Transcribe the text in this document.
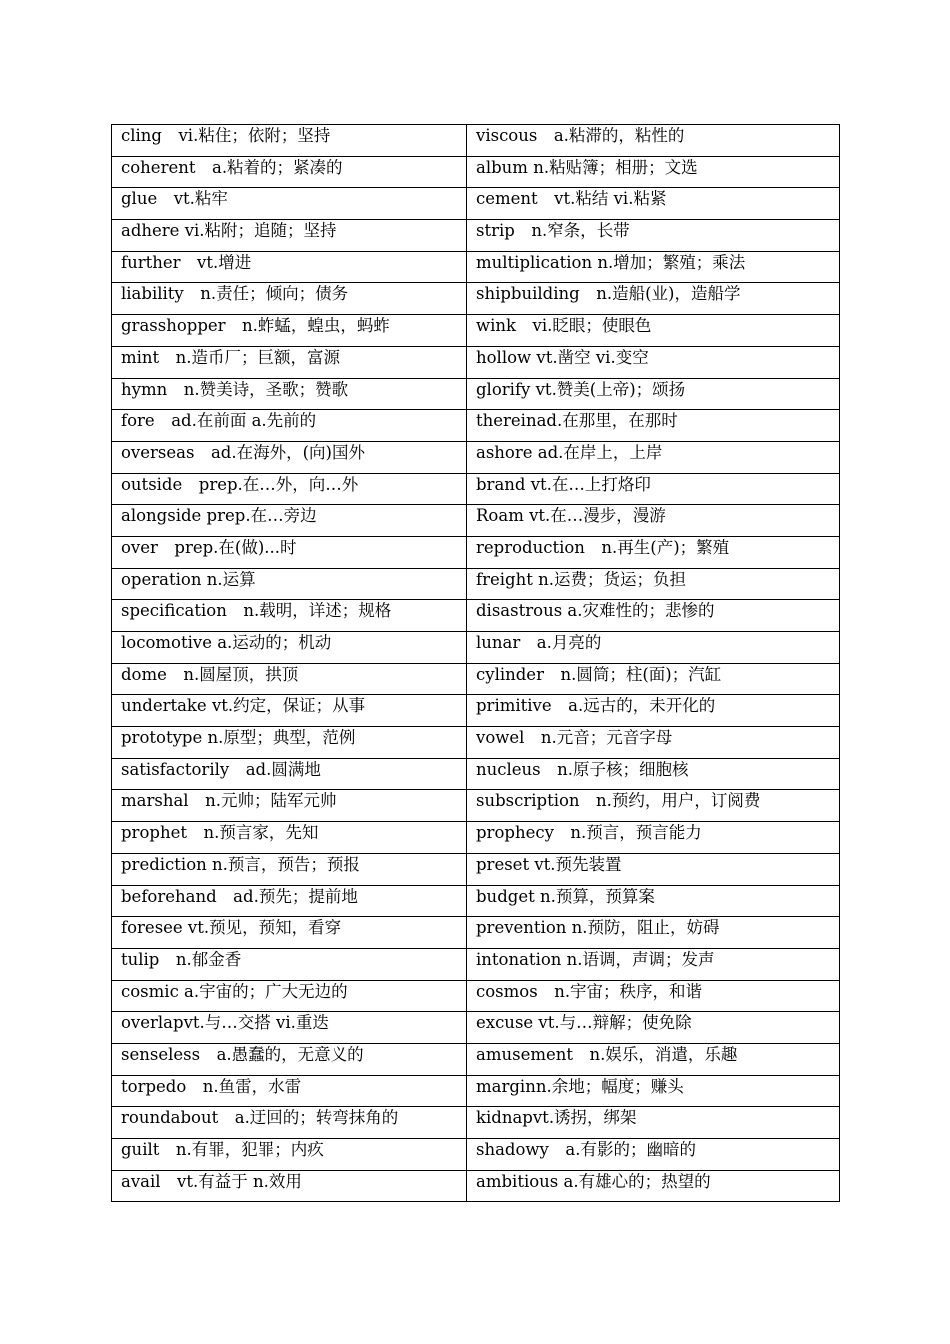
cling　vi.粘住；依附；坚持	viscous　a.粘滞的，粘性的
coherent　a.粘着的；紧凑的	album n.粘贴簿；相册；文选
glue　vt.粘牢	cement　vt.粘结 vi.粘紧
adhere vi.粘附；追随；坚持	strip　n.窄条，长带
further　vt.增进	multiplication n.增加；繁殖；乘法
liability　n.责任；倾向；债务	shipbuilding　n.造船(业)，造船学
grasshopper　n.蚱蜢，蝗虫，蚂蚱	wink　vi.眨眼；使眼色
mint　n.造币厂；巨额，富源	hollow vt.凿空 vi.变空
hymn　n.赞美诗，圣歌；赞歌	glorify vt.赞美(上帝)；颂扬
fore　ad.在前面 a.先前的	thereinad.在那里，在那时
overseas　ad.在海外，(向)国外	ashore ad.在岸上，上岸
outside　prep.在…外，向…外	brand vt.在…上打烙印
alongside prep.在…旁边	Roam vt.在…漫步，漫游
over　prep.在(做)...时	reproduction　n.再生(产)；繁殖
operation n.运算	freight n.运费；货运；负担
specification　n.载明，详述；规格	disastrous a.灾难性的；悲惨的
locomotive a.运动的；机动	lunar　a.月亮的
dome　n.圆屋顶，拱顶	cylinder　n.圆筒；柱(面)；汽缸
undertake vt.约定，保证；从事	primitive　a.远古的，未开化的
prototype n.原型；典型，范例	vowel　n.元音；元音字母
satisfactorily　ad.圆满地	nucleus　n.原子核；细胞核
marshal　n.元帅；陆军元帅	subscription　n.预约，用户，订阅费
prophet　n.预言家，先知	prophecy　n.预言，预言能力
prediction n.预言，预告；预报	preset vt.预先装置
beforehand　ad.预先；提前地	budget n.预算，预算案
foresee vt.预见，预知，看穿	prevention n.预防，阻止，妨碍
tulip　n.郁金香	intonation n.语调，声调；发声
cosmic a.宇宙的；广大无边的	cosmos　n.宇宙；秩序，和谐
overlapvt.与…交搭 vi.重迭	excuse vt.与…辩解；使免除
senseless　a.愚蠢的，无意义的	amusement　n.娱乐，消遣，乐趣
torpedo　n.鱼雷，水雷	marginn.余地；幅度；赚头
roundabout　a.迂回的；转弯抹角的	kidnapvt.诱拐，绑架
guilt　n.有罪，犯罪；内疚	shadowy　a.有影的；幽暗的
avail　vt.有益于 n.效用	ambitious a.有雄心的；热望的
